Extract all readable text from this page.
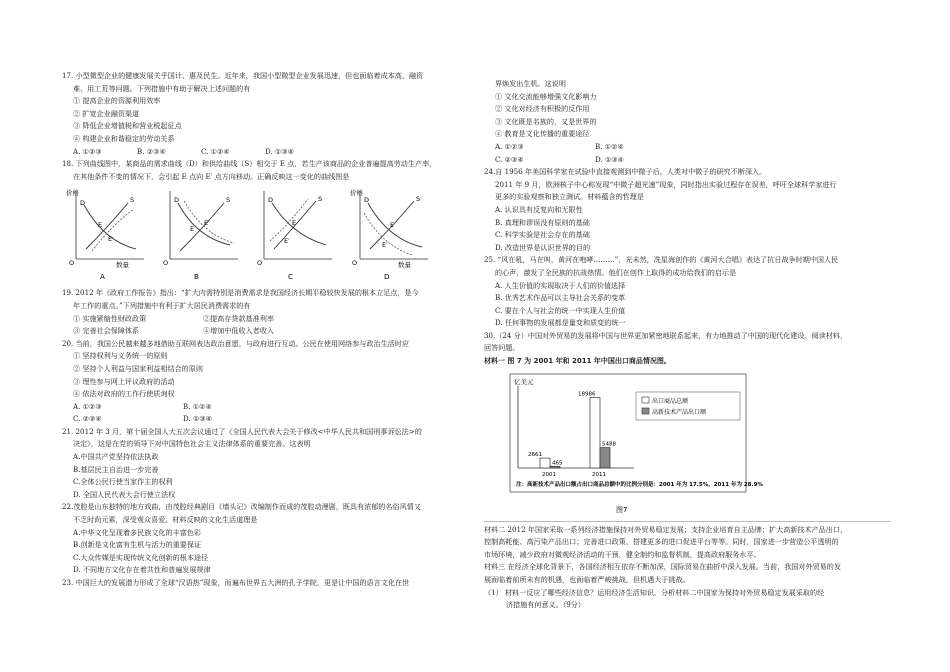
17. 小型微型企业的健康发展关乎国计、惠及民生。近年来，我国小型微型企业发展迅速，但也面临着成本高、融资
难、用工荒等问题。下列措施中有助于解决上述问题的有
① 提高企业的资源利用效率
② 扩宽企业融资渠道
③ 降低企业增值税和营业税起征点
④ 构建企业和谐稳定的劳动关系
A. ①②③	B. ②③④	C. ①②④	D. ①③④
18. 下列曲线图中，某商品的需求曲线（D）和供给曲线（S）相交于 E 点，若生产该商品的企业普遍提高劳动生产率，
在其他条件不变的情况下，会引起 E 点向 E′ 点方向移动。正确反映这一变化的曲线图是
价格
O	数量
D	S
E
E′
A
O
D	S
E
E′
B
O
D	S
E
E′
C
价格
O	数量
D	S
E
E′
D
19. 2012 年《政府工作报告》指出：“扩大内需特别是消费需求是我国经济长期平稳较快发展的根本立足点，是今
年工作的重点。”下列措施中有利于扩大居民消费需求的有
① 实施紧缩性财政政策	②提高存贷款基准利率
③ 完善社会保障体系	④增加中低收入者收入
20. 当前，我国公民越来越多地借助互联网表达政治意愿，与政府进行互动。公民在使用网络参与政治生活时应
① 坚持权利与义务统一的原则
② 坚持个人利益与国家利益相结合的原则
③ 理性参与网上评议政府的活动
④ 依法对政府的工作行使质询权
A. ①②③	B. ①②④
C. ②③④	D. ①③④
21. 2012 年 3 月，第十届全国人大五次会议通过了《全国人民代表大会关于修改<中华人民共和国刑事诉讼法>的
决定》，这是在党的领导下对中国特色社会主义法律体系的重要完善。这表明
A.中国共产党坚持依法执政
B.基层民主自治进一步完善
C.全体公民行使当家作主的权利
D. 全国人民代表大会行使立法权
22.茂腔是山东独特的地方戏曲，由茂腔经典剧目《墙头记》改编制作而成的茂腔动漫剧，既具有浓郁的名俗风情又
不乏时尚元素，深受观众喜爱。材料反映的文化生活道理是
A.中华文化呈现着多民族文化的丰富色彩
B.创新是文化富有生机与活力的重要保证
C.大众传媒是实现传统文化创新的根本途径
D. 不同地方文化存在着共性和普遍发展规律
23. 中国巨大的发展潜力形成了全球“汉语热”现象，而遍布世界五大洲的孔子学院，更是让中国的语言文化在世
界焕发出生机。这说明
① 文化交流能够增强文化影响力
② 文化对经济有积极的反作用
③ 文化既是名族的，又是世界的
④ 教育是文化传播的重要途径
A. ①②③	B. ①②④
C. ②③④	D. ①③④
24.自 1956 年美国科学家在试验中直接观测到中微子后，人类对中微子的研究不断深入。
2011 年 9 月，欧洲核子中心称发现“中微子超光速”现象，同时指出实验过程存在误差，呼吁全球科学家进行
更多的实验观察和独立测试。材料蕴含的哲理是
A. 认识具有反复向和无限性
B. 真理和谬误没有原则的基础
C. 科学实验是社会存在的基础
D. 改造世界是认识世界的目的
25. “风在吼，马在叫，黄河在咆哮………”，光未然，冼星海创作的《黄河大合唱》表达了抗日战争时期中国人民
的心声，激发了全民族的抗战热情。他们在创作上取得的成功给我们的启示是
A. 人生价值的实现取决于人们的价值选择
B. 优秀艺术作品可以主导社会关系的变革
C. 要在个人与社会的统一中实现人生价值
D. 任何事物的发展都是量变和质变的统一
30.（24 分）中国对外贸易的发展将中国与世界更加紧密地联系起来，有力地推动了中国的现代化建设。阅读材料，
回答问题。
材料一 图 7 为 2001 年和 2011 年中国出口商品情况图。
亿美元
2661
465
2001
18986
5488
2011
出口商品总额
高新技术产品出口额
注：高新技术产品出口额占出口商品总额中的比例分别是：2001 年为 17.5%，2011 年为 28.9%
图7
材料二 2012 年国家采取一系列经济措施保持对外贸易稳定发展；支持企业培育自主品牌；扩大高新技术产品出口，
控制高耗能、高污染产品出口；完善进口政策，搭建更多的进口促进平台等等。同时，国家进一步营造公平透明的
市场环境，减少政府对微观经济活动的干预，健全制约和监督机制，提高政府服务水平。
材料三 在经济全球化背景下，各国经济相互依存不断加深，国际贸易在曲折中深入发展。当前，我国对外贸易的发
展面临着前所未有的机遇，也面临着严峻挑战，但机遇大于挑战。
（1） 材料一反应了哪些经济信息？运用经济生活知识，分析材料二中国家为保持对外贸易稳定发展采取的经
济措施有何意义。（9分）
